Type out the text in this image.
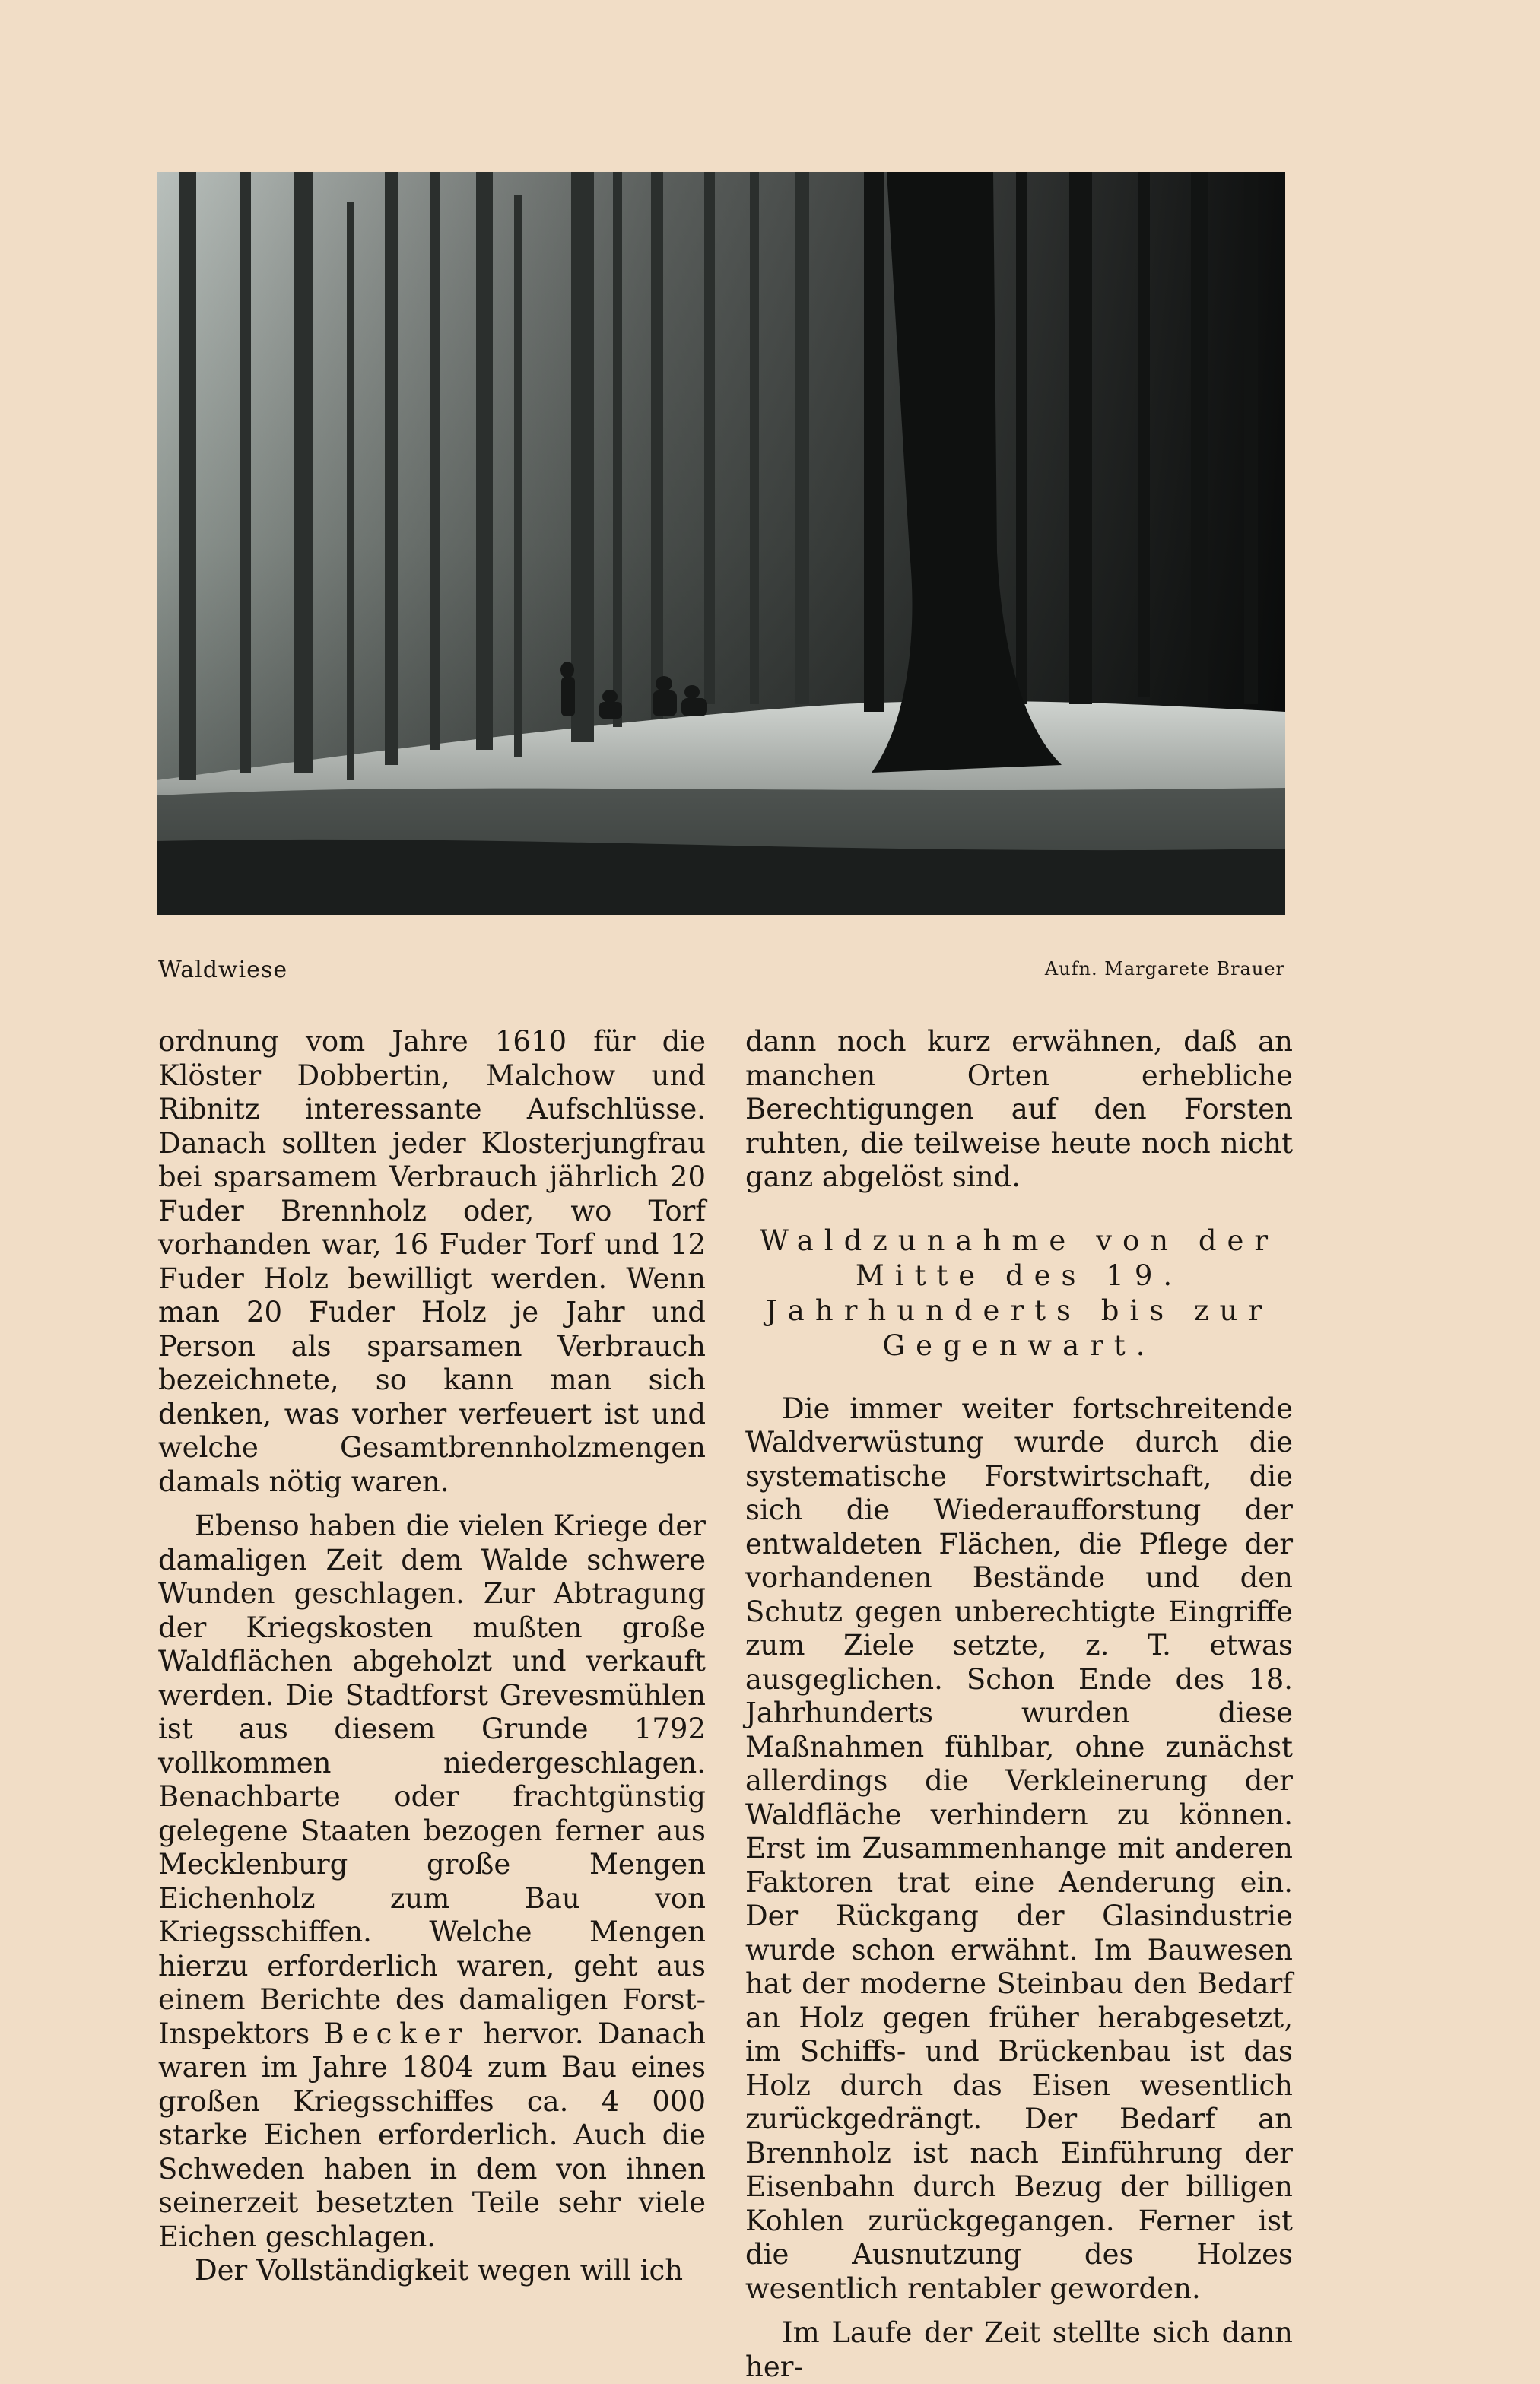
Waldwiese	Aufn. Margarete Brauer

ordnung vom Jahre 1610 für die Klöster Dobbertin, Malchow und Ribnitz interessante Aufschlüsse. Danach sollten jeder Klosterjungfrau bei sparsamem Verbrauch jährlich 20 Fuder Brennholz oder, wo Torf vorhanden war, 16 Fuder Torf und 12 Fuder Holz bewilligt werden. Wenn man 20 Fuder Holz je Jahr und Person als sparsamen Verbrauch bezeichnete, so kann man sich denken, was vorher verfeuert ist und welche Gesamtbrennholzmengen damals nötig waren.

Ebenso haben die vielen Kriege der damaligen Zeit dem Walde schwere Wunden geschlagen. Zur Abtragung der Kriegskosten mußten große Waldflächen abgeholzt und verkauft werden. Die Stadtforst Grevesmühlen ist aus diesem Grunde 1792 vollkommen niedergeschlagen. Benachbarte oder frachtgünstig gelegene Staaten bezogen ferner aus Mecklenburg große Mengen Eichenholz zum Bau von Kriegsschiffen. Welche Mengen hierzu erforderlich waren, geht aus einem Berichte des damaligen Forst-Inspektors Becker hervor. Danach waren im Jahre 1804 zum Bau eines großen Kriegsschiffes ca. 4 000 starke Eichen erforderlich. Auch die Schweden haben in dem von ihnen seinerzeit besetzten Teile sehr viele Eichen geschlagen.

Der Vollständigkeit wegen will ich

dann noch kurz erwähnen, daß an manchen Orten erhebliche Berechtigungen auf den Forsten ruhten, die teilweise heute noch nicht ganz abgelöst sind.

Waldzunahme von der Mitte des 19. Jahrhunderts bis zur Gegenwart.

Die immer weiter fortschreitende Waldverwüstung wurde durch die systematische Forstwirtschaft, die sich die Wiederaufforstung der entwaldeten Flächen, die Pflege der vorhandenen Bestände und den Schutz gegen unberechtigte Eingriffe zum Ziele setzte, z. T. etwas ausgeglichen. Schon Ende des 18. Jahrhunderts wurden diese Maßnahmen fühlbar, ohne zunächst allerdings die Verkleinerung der Waldfläche verhindern zu können. Erst im Zusammenhange mit anderen Faktoren trat eine Aenderung ein. Der Rückgang der Glasindustrie wurde schon erwähnt. Im Bauwesen hat der moderne Steinbau den Bedarf an Holz gegen früher herabgesetzt, im Schiffs- und Brückenbau ist das Holz durch das Eisen wesentlich zurückgedrängt. Der Bedarf an Brennholz ist nach Einführung der Eisenbahn durch Bezug der billigen Kohlen zurückgegangen. Ferner ist die Ausnutzung des Holzes wesentlich rentabler geworden.

Im Laufe der Zeit stellte sich dann her-
